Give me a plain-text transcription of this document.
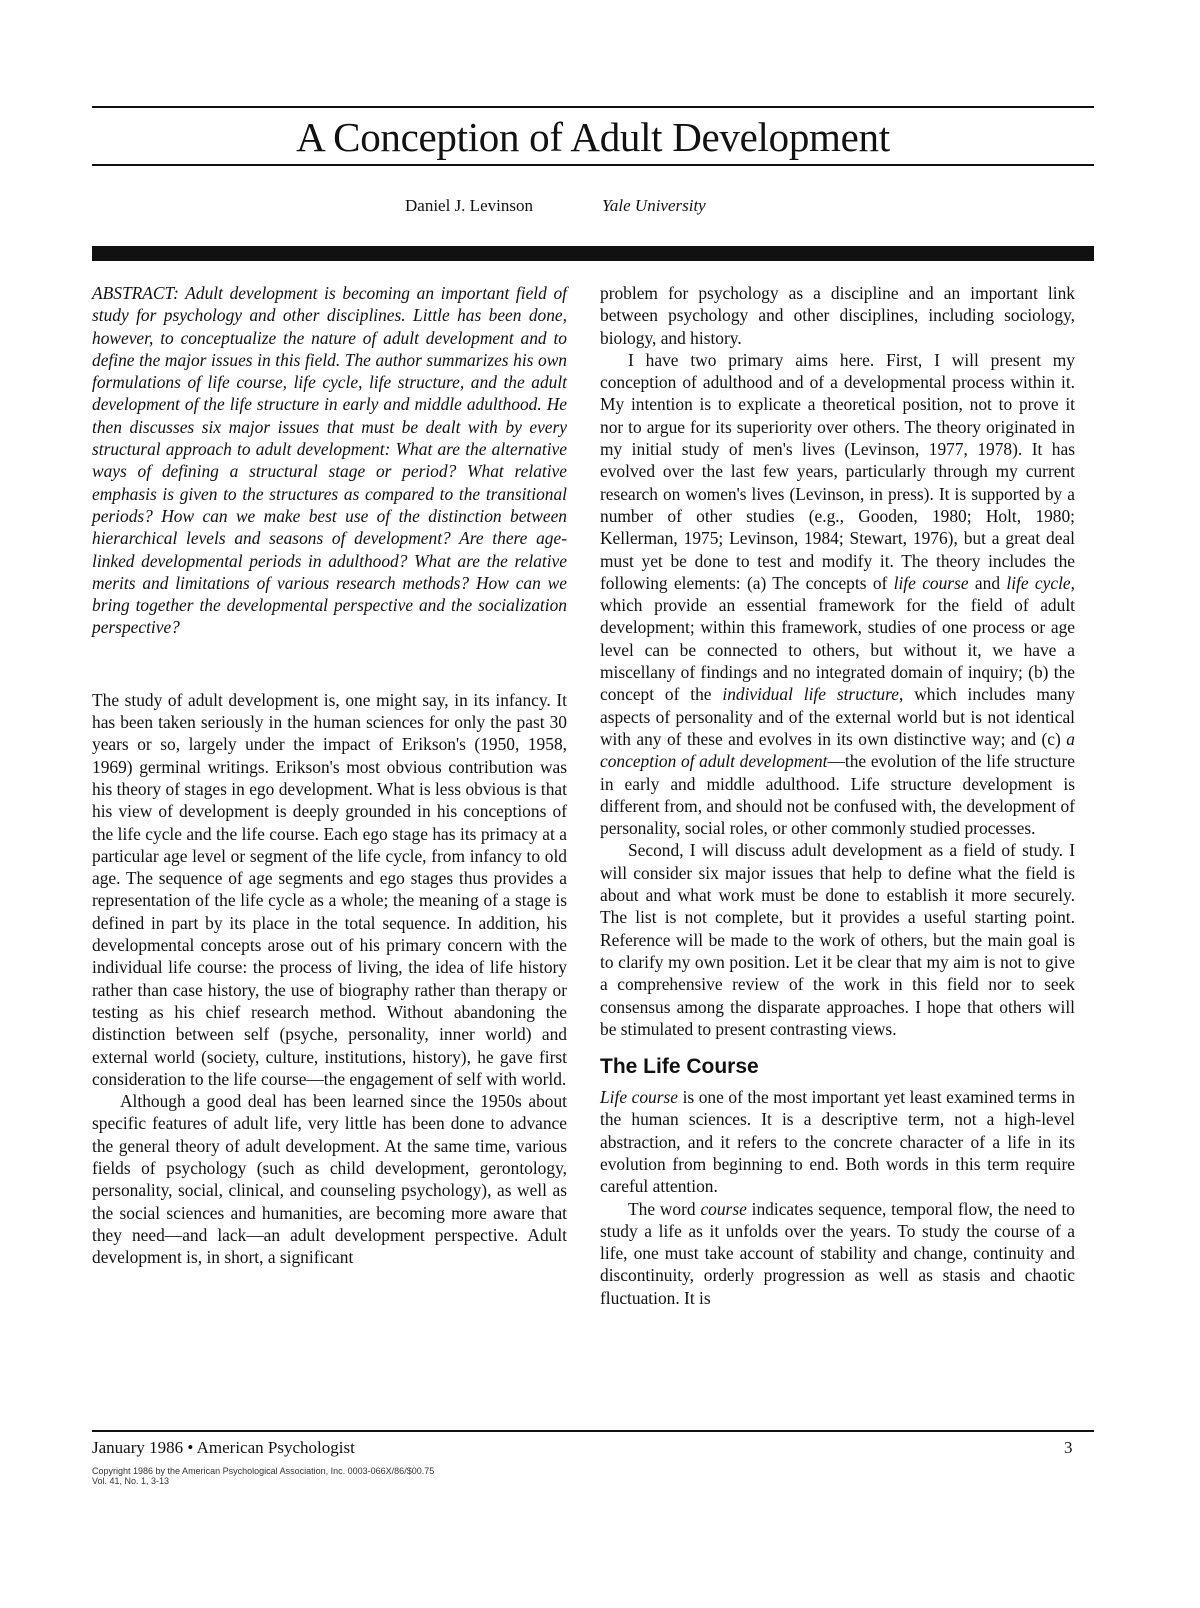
A Conception of Adult Development
Daniel J. Levinson	Yale University

ABSTRACT: Adult development is becoming an important field of study for psychology and other disciplines. Little has been done, however, to conceptualize the nature of adult development and to define the major issues in this field. The author summarizes his own formulations of life course, life cycle, life structure, and the adult development of the life structure in early and middle adulthood. He then discusses six major issues that must be dealt with by every structural approach to adult development: What are the alternative ways of defining a structural stage or period? What relative emphasis is given to the structures as compared to the transitional periods? How can we make best use of the distinction between hierarchical levels and seasons of development? Are there age-linked developmental periods in adulthood? What are the relative merits and limitations of various research methods? How can we bring together the developmental perspective and the socialization perspective?

The study of adult development is, one might say, in its infancy. It has been taken seriously in the human sciences for only the past 30 years or so, largely under the impact of Erikson's (1950, 1958, 1969) germinal writings. Erikson's most obvious contribution was his theory of stages in ego development. What is less obvious is that his view of development is deeply grounded in his conceptions of the life cycle and the life course. Each ego stage has its primacy at a particular age level or segment of the life cycle, from infancy to old age. The sequence of age segments and ego stages thus provides a representation of the life cycle as a whole; the meaning of a stage is defined in part by its place in the total sequence. In addition, his developmental concepts arose out of his primary concern with the individual life course: the process of living, the idea of life history rather than case history, the use of biography rather than therapy or testing as his chief research method. Without abandoning the distinction between self (psyche, personality, inner world) and external world (society, culture, institutions, history), he gave first consideration to the life course—the engagement of self with world.

Although a good deal has been learned since the 1950s about specific features of adult life, very little has been done to advance the general theory of adult development. At the same time, various fields of psychology (such as child development, gerontology, personality, social, clinical, and counseling psychology), as well as the social sciences and humanities, are becoming more aware that they need—and lack—an adult development perspective. Adult development is, in short, a significant

problem for psychology as a discipline and an important link between psychology and other disciplines, including sociology, biology, and history.

I have two primary aims here. First, I will present my conception of adulthood and of a developmental process within it. My intention is to explicate a theoretical position, not to prove it nor to argue for its superiority over others. The theory originated in my initial study of men's lives (Levinson, 1977, 1978). It has evolved over the last few years, particularly through my current research on women's lives (Levinson, in press). It is supported by a number of other studies (e.g., Gooden, 1980; Holt, 1980; Kellerman, 1975; Levinson, 1984; Stewart, 1976), but a great deal must yet be done to test and modify it. The theory includes the following elements: (a) The concepts of life course and life cycle, which provide an essential framework for the field of adult development; within this framework, studies of one process or age level can be connected to others, but without it, we have a miscellany of findings and no integrated domain of inquiry; (b) the concept of the individual life structure, which includes many aspects of personality and of the external world but is not identical with any of these and evolves in its own distinctive way; and (c) a conception of adult development—the evolution of the life structure in early and middle adulthood. Life structure development is different from, and should not be confused with, the development of personality, social roles, or other commonly studied processes.

Second, I will discuss adult development as a field of study. I will consider six major issues that help to define what the field is about and what work must be done to establish it more securely. The list is not complete, but it provides a useful starting point. Reference will be made to the work of others, but the main goal is to clarify my own position. Let it be clear that my aim is not to give a comprehensive review of the work in this field nor to seek consensus among the disparate approaches. I hope that others will be stimulated to present contrasting views.

The Life Course

Life course is one of the most important yet least examined terms in the human sciences. It is a descriptive term, not a high-level abstraction, and it refers to the concrete character of a life in its evolution from beginning to end. Both words in this term require careful attention.

The word course indicates sequence, temporal flow, the need to study a life as it unfolds over the years. To study the course of a life, one must take account of stability and change, continuity and discontinuity, orderly progression as well as stasis and chaotic fluctuation. It is

January 1986 • American Psychologist	3
Copyright 1986 by the American Psychological Association, Inc. 0003-066X/86/$00.75
Vol. 41, No. 1, 3-13
